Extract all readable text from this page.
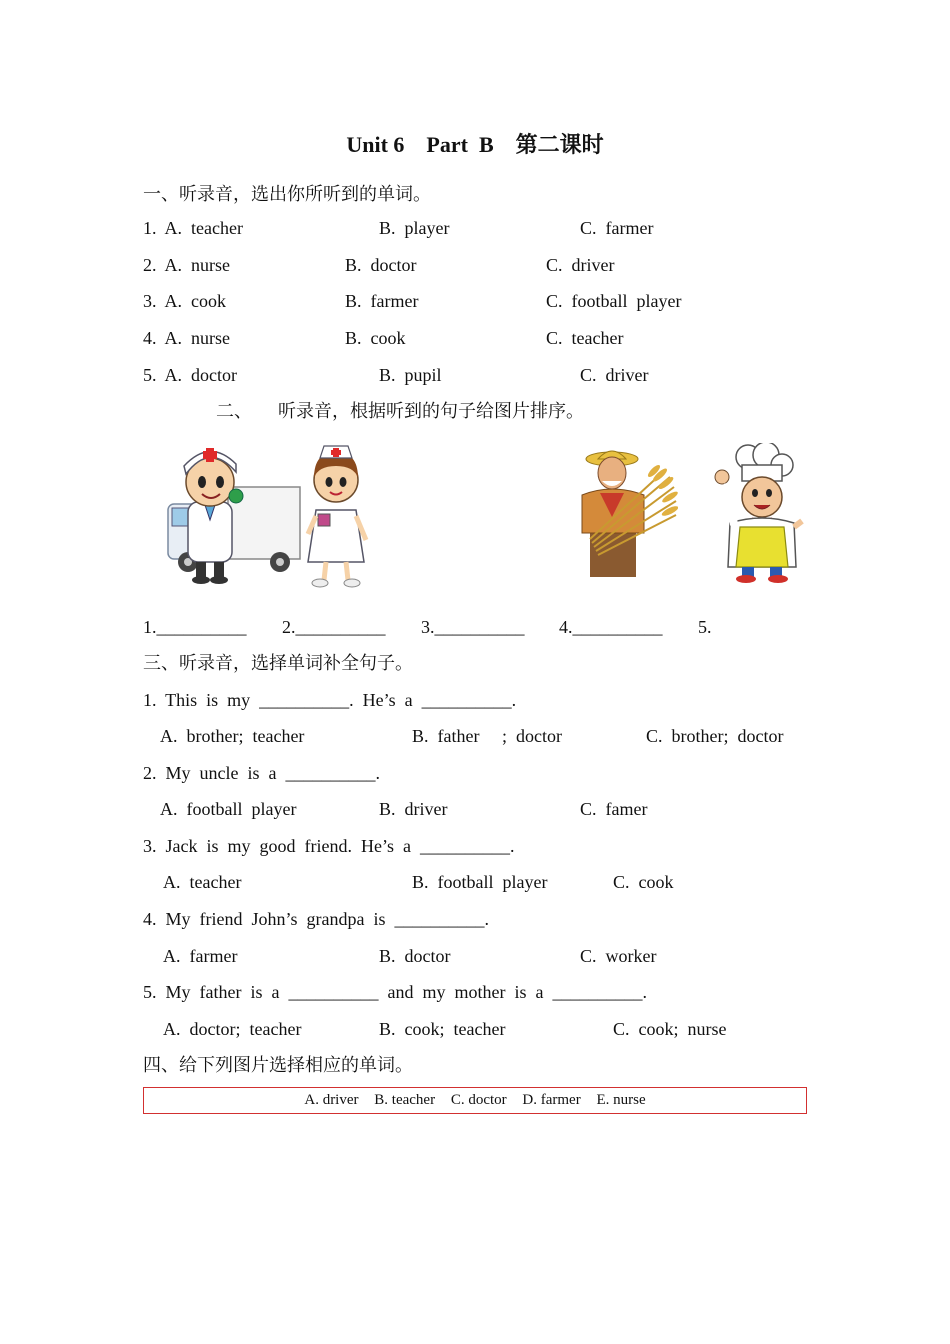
Unit 6 Part  B 第二课时
一、听录音，选出你所听到的单词。
1.  A.  teacher	B.  player	C.  farmer
2.  A.  nurse	B.  doctor	C.  driver
3.  A.  cook	B.  farmer	C.  football  player
4.  A.  nurse	B.  cook	C.  teacher
5.  A.  doctor	B.  pupil	C.  driver
二、 听录音，根据听到的句子给图片排序。
1.__________ 2.__________ 3.__________ 4.__________ 5.
三、听录音，选择单词补全句子。
1.  This  is  my  __________.  He’s  a  __________.
A.  brother;  teacher	B.  father     ;  doctor	C.  brother;  doctor
2.  My  uncle  is  a  __________.
A.  football  player	B.  driver	C.  famer
3.  Jack  is  my  good  friend.  He’s  a  __________.
A.  teacher	B.  football  player	C.  cook
4.  My  friend  John’s  grandpa  is  __________.
A.  farmer	B.  doctor	C.  worker
5.  My  father  is  a  __________  and  my  mother  is  a  __________.
A.  doctor;  teacher	B.  cook;  teacher	C.  cook;  nurse
四、给下列图片选择相应的单词。
A. driver B. teacher C. doctor D. farmer E. nurse
